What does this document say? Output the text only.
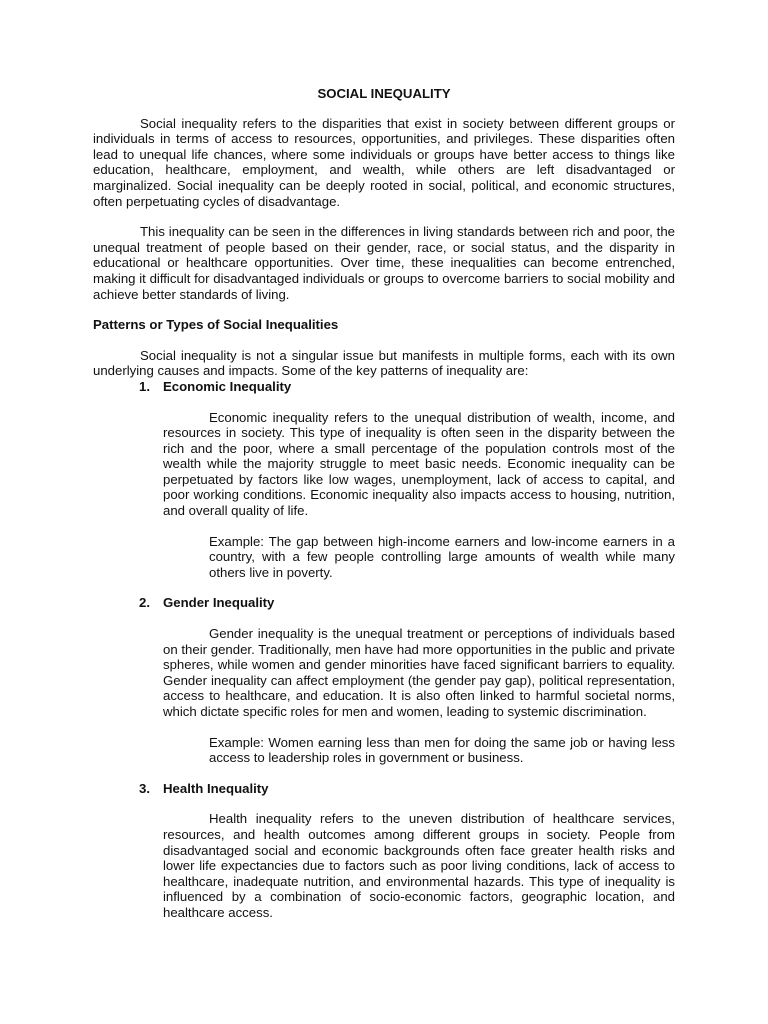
SOCIAL INEQUALITY

Social inequality refers to the disparities that exist in society between different groups or individuals in terms of access to resources, opportunities, and privileges. These disparities often lead to unequal life chances, where some individuals or groups have better access to things like education, healthcare, employment, and wealth, while others are left disadvantaged or marginalized. Social inequality can be deeply rooted in social, political, and economic structures, often perpetuating cycles of disadvantage.

This inequality can be seen in the differences in living standards between rich and poor, the unequal treatment of people based on their gender, race, or social status, and the disparity in educational or healthcare opportunities. Over time, these inequalities can become entrenched, making it difficult for disadvantaged individuals or groups to overcome barriers to social mobility and achieve better standards of living.

Patterns or Types of Social Inequalities

Social inequality is not a singular issue but manifests in multiple forms, each with its own underlying causes and impacts. Some of the key patterns of inequality are:

1. Economic Inequality

Economic inequality refers to the unequal distribution of wealth, income, and resources in society. This type of inequality is often seen in the disparity between the rich and the poor, where a small percentage of the population controls most of the wealth while the majority struggle to meet basic needs. Economic inequality can be perpetuated by factors like low wages, unemployment, lack of access to capital, and poor working conditions. Economic inequality also impacts access to housing, nutrition, and overall quality of life.

Example: The gap between high-income earners and low-income earners in a country, with a few people controlling large amounts of wealth while many others live in poverty.

2. Gender Inequality

Gender inequality is the unequal treatment or perceptions of individuals based on their gender. Traditionally, men have had more opportunities in the public and private spheres, while women and gender minorities have faced significant barriers to equality. Gender inequality can affect employment (the gender pay gap), political representation, access to healthcare, and education. It is also often linked to harmful societal norms, which dictate specific roles for men and women, leading to systemic discrimination.

Example: Women earning less than men for doing the same job or having less access to leadership roles in government or business.

3. Health Inequality

Health inequality refers to the uneven distribution of healthcare services, resources, and health outcomes among different groups in society. People from disadvantaged social and economic backgrounds often face greater health risks and lower life expectancies due to factors such as poor living conditions, lack of access to healthcare, inadequate nutrition, and environmental hazards. This type of inequality is influenced by a combination of socio-economic factors, geographic location, and healthcare access.
